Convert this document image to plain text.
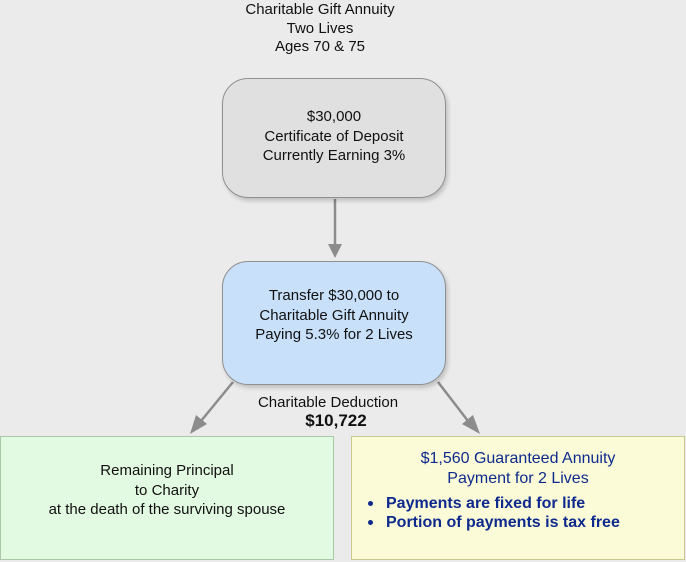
Charitable Gift Annuity
Two Lives
Ages 70 & 75
$30,000
Certificate of Deposit
Currently Earning 3%
Transfer $30,000 to
Charitable Gift Annuity
Paying 5.3% for 2 Lives
Charitable Deduction
$10,722
Remaining Principal
to Charity
at the death of the surviving spouse
$1,560 Guaranteed Annuity
Payment for 2 Lives
Payments are fixed for life
Portion of payments is tax free
